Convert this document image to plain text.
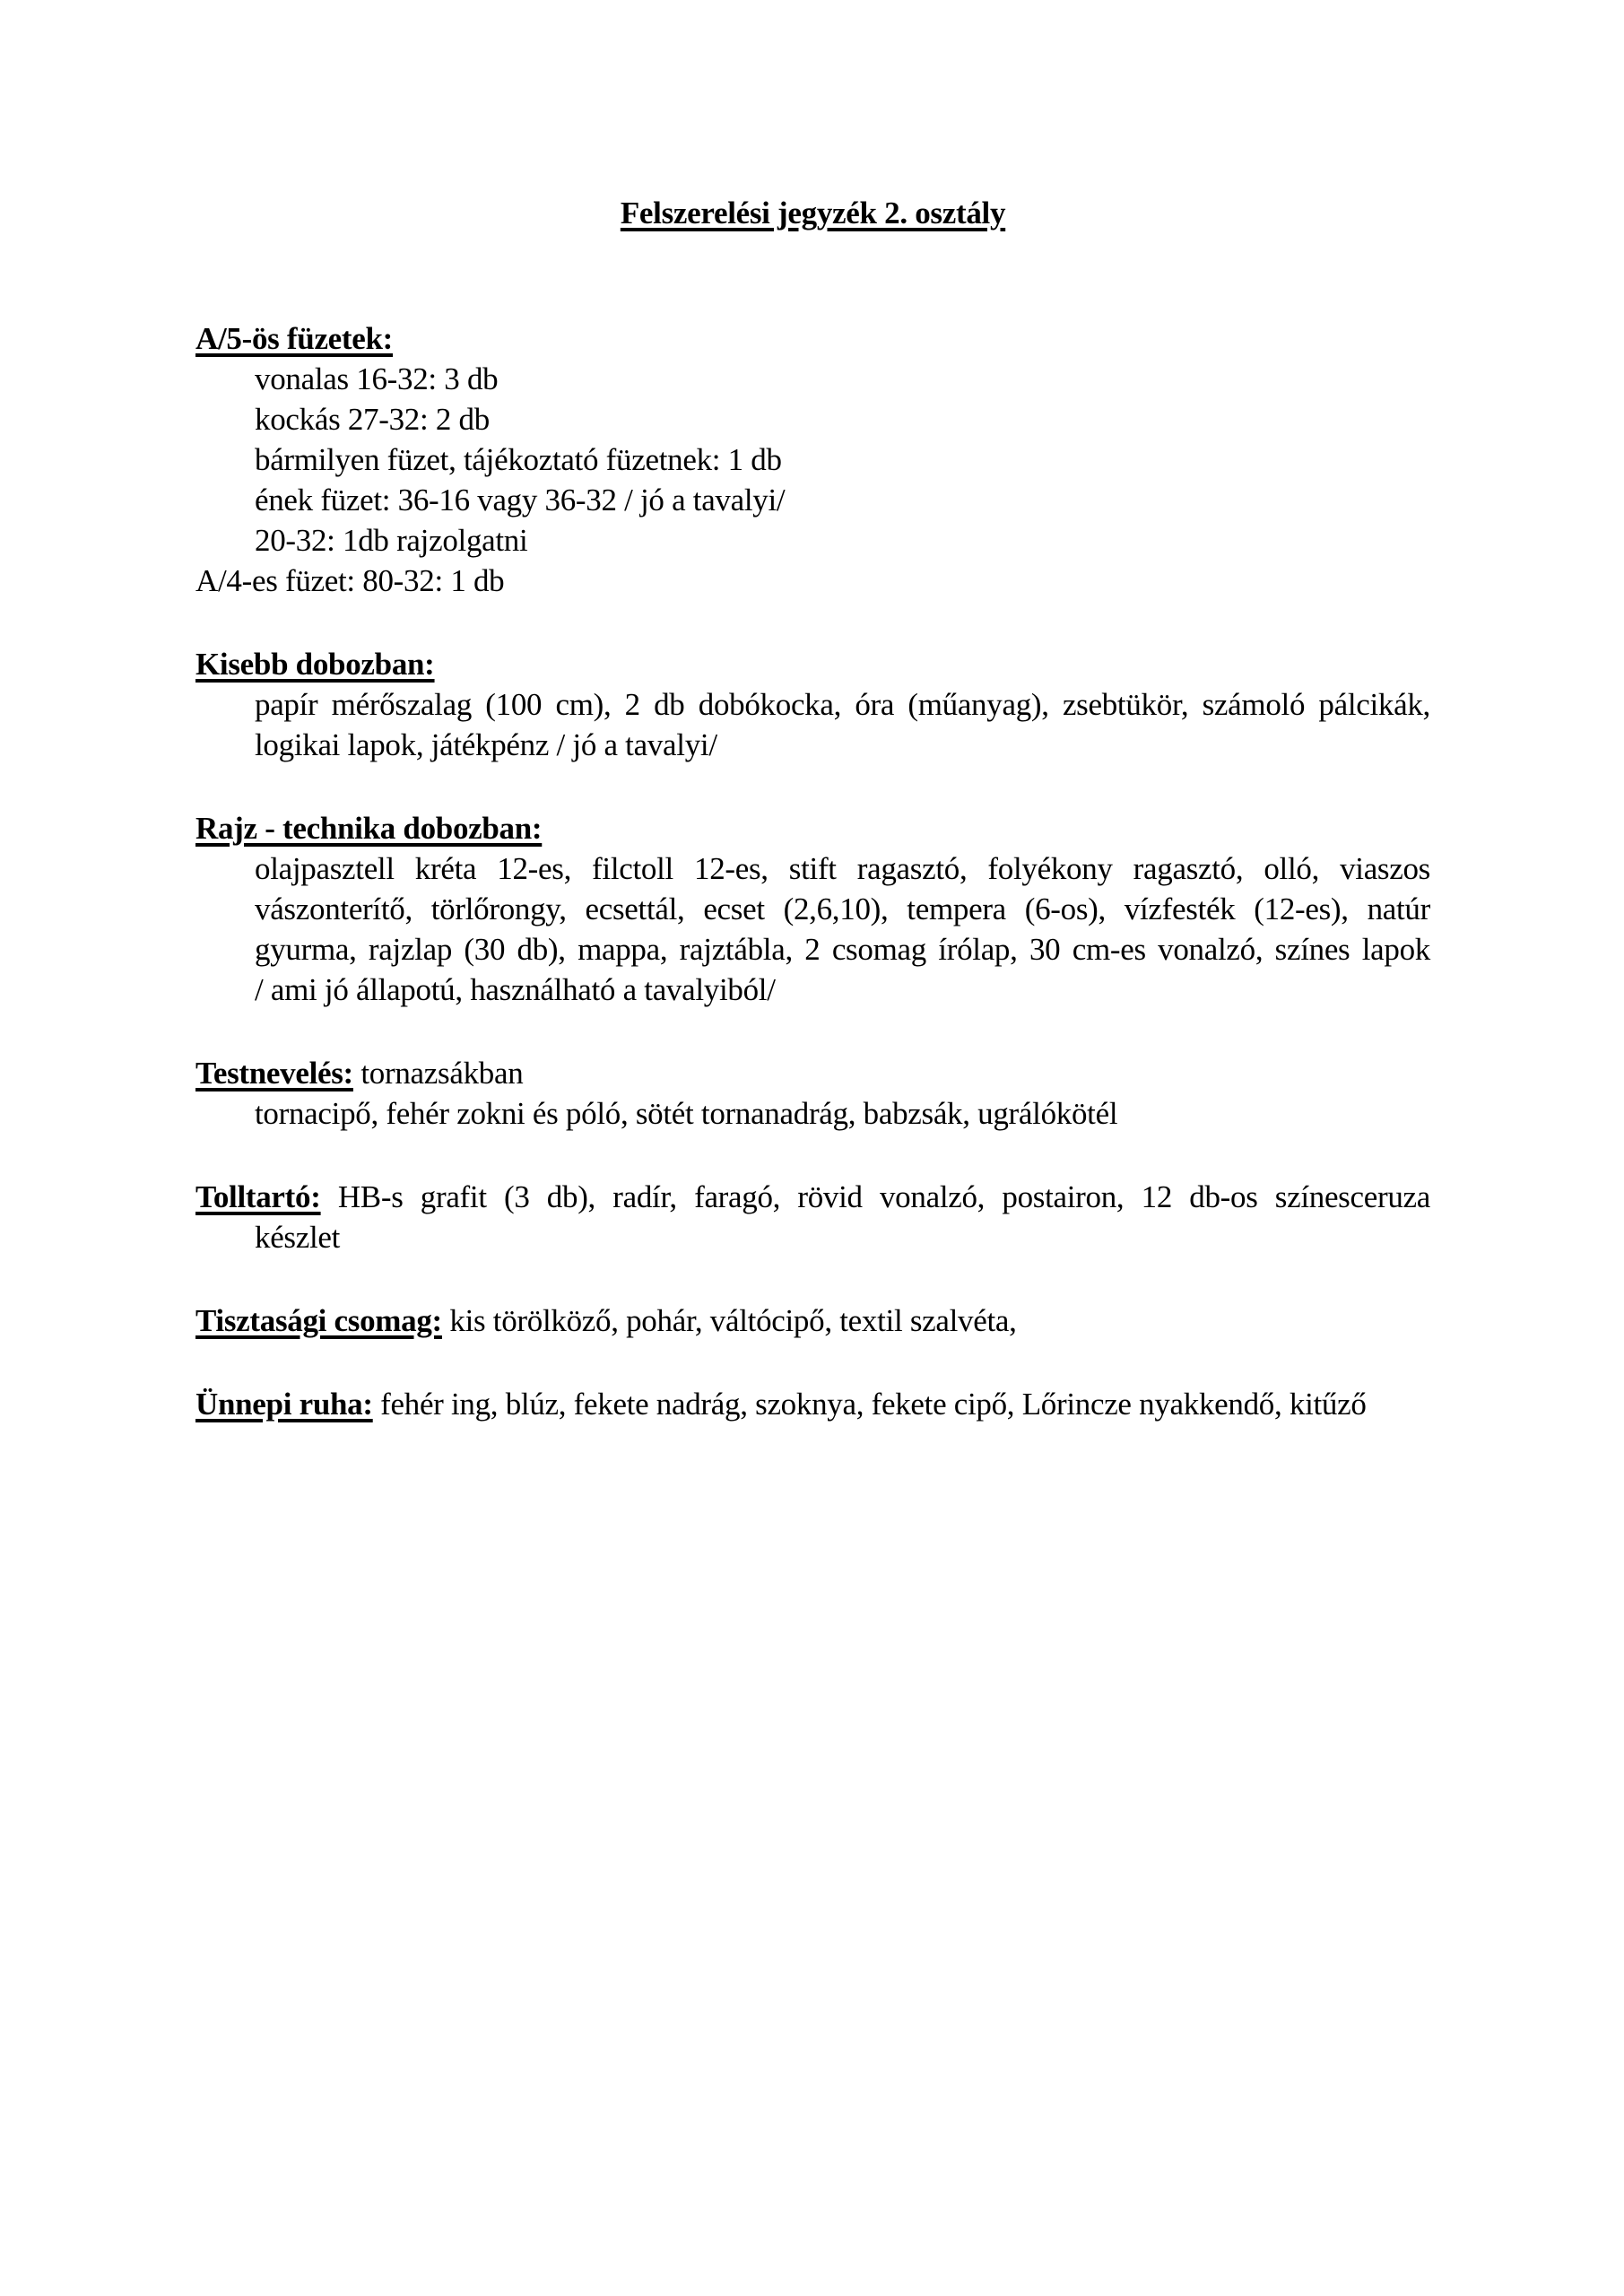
Felszerelési jegyzék 2. osztály
A/5-ös füzetek:
vonalas 16-32: 3 db
kockás 27-32: 2 db
bármilyen füzet, tájékoztató füzetnek: 1 db
ének füzet: 36-16 vagy 36-32 / jó a tavalyi/
20-32: 1db rajzolgatni
A/4-es füzet: 80-32: 1 db
Kisebb dobozban:
papír mérőszalag (100 cm), 2 db dobókocka, óra (műanyag), zsebtükör, számoló pálcikák,
logikai lapok, játékpénz / jó a tavalyi/
Rajz - technika dobozban:
olajpasztell kréta 12-es, filctoll 12-es, stift ragasztó, folyékony ragasztó, olló, viaszos
vászonterítő, törlőrongy, ecsettál, ecset (2,6,10), tempera (6-os), vízfesték (12-es), natúr
gyurma, rajzlap (30 db), mappa, rajztábla, 2 csomag írólap, 30 cm-es vonalzó, színes lapok
/ ami jó állapotú, használható a tavalyiból/
Testnevelés: tornazsákban
tornacipő, fehér zokni és póló, sötét tornanadrág, babzsák, ugrálókötél
Tolltartó: HB-s grafit (3 db), radír, faragó, rövid vonalzó, postairon, 12 db-os színesceruza
készlet
Tisztasági csomag: kis törölköző, pohár, váltócipő, textil szalvéta,
Ünnepi ruha: fehér ing, blúz, fekete nadrág, szoknya, fekete cipő, Lőrincze nyakkendő, kitűző
